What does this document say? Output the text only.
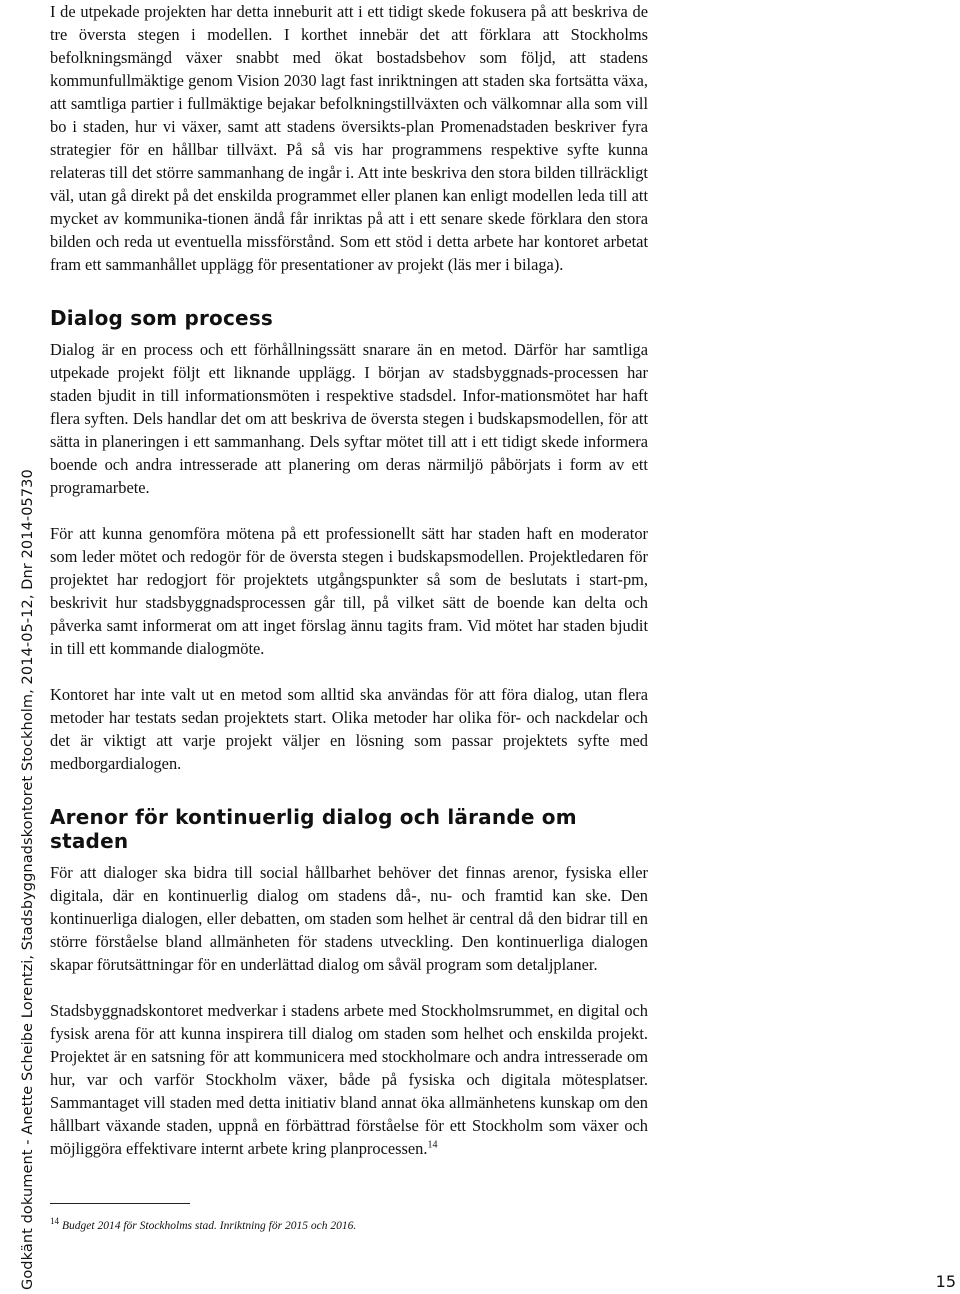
Godkänt dokument - Anette Scheibe Lorentzi, Stadsbyggnadskontoret Stockholm, 2014-05-12, Dnr 2014-05730

I de utpekade projekten har detta inneburit att i ett tidigt skede fokusera på att beskriva de tre översta stegen i modellen. I korthet innebär det att förklara att Stockholms befolkningsmängd växer snabbt med ökat bostadsbehov som följd, att stadens kommunfullmäktige genom Vision 2030 lagt fast inriktningen att staden ska fortsätta växa, att samtliga partier i fullmäktige bejakar befolkningstillväxten och välkomnar alla som vill bo i staden, hur vi växer, samt att stadens översikts-plan Promenadstaden beskriver fyra strategier för en hållbar tillväxt. På så vis har programmens respektive syfte kunna relateras till det större sammanhang de ingår i. Att inte beskriva den stora bilden tillräckligt väl, utan gå direkt på det enskilda programmet eller planen kan enligt modellen leda till att mycket av kommunika-tionen ändå får inriktas på att i ett senare skede förklara den stora bilden och reda ut eventuella missförstånd. Som ett stöd i detta arbete har kontoret arbetat fram ett sammanhållet upplägg för presentationer av projekt (läs mer i bilaga).

Dialog som process

Dialog är en process och ett förhållningssätt snarare än en metod. Därför har samtliga utpekade projekt följt ett liknande upplägg. I början av stadsbyggnads-processen har staden bjudit in till informationsmöten i respektive stadsdel. Infor-mationsmötet har haft flera syften. Dels handlar det om att beskriva de översta stegen i budskapsmodellen, för att sätta in planeringen i ett sammanhang. Dels syftar mötet till att i ett tidigt skede informera boende och andra intresserade att planering om deras närmiljö påbörjats i form av ett programarbete.

För att kunna genomföra mötena på ett professionellt sätt har staden haft en moderator som leder mötet och redogör för de översta stegen i budskapsmodellen. Projektledaren för projektet har redogjort för projektets utgångspunkter så som de beslutats i start-pm, beskrivit hur stadsbyggnadsprocessen går till, på vilket sätt de boende kan delta och påverka samt informerat om att inget förslag ännu tagits fram. Vid mötet har staden bjudit in till ett kommande dialogmöte.

Kontoret har inte valt ut en metod som alltid ska användas för att föra dialog, utan flera metoder har testats sedan projektets start. Olika metoder har olika för- och nackdelar och det är viktigt att varje projekt väljer en lösning som passar projektets syfte med medborgardialogen.

Arenor för kontinuerlig dialog och lärande om staden

För att dialoger ska bidra till social hållbarhet behöver det finnas arenor, fysiska eller digitala, där en kontinuerlig dialog om stadens då-, nu- och framtid kan ske. Den kontinuerliga dialogen, eller debatten, om staden som helhet är central då den bidrar till en större förståelse bland allmänheten för stadens utveckling. Den kontinuerliga dialogen skapar förutsättningar för en underlättad dialog om såväl program som detaljplaner.

Stadsbyggnadskontoret medverkar i stadens arbete med Stockholmsrummet, en digital och fysisk arena för att kunna inspirera till dialog om staden som helhet och enskilda projekt. Projektet är en satsning för att kommunicera med stockholmare och andra intresserade om hur, var och varför Stockholm växer, både på fysiska och digitala mötesplatser. Sammantaget vill staden med detta initiativ bland annat öka allmänhetens kunskap om den hållbart växande staden, uppnå en förbättrad förståelse för ett Stockholm som växer och möjliggöra effektivare internt arbete kring planprocessen.$^{14}$

$^{14}$ Budget 2014 för Stockholms stad. Inriktning för 2015 och 2016.
15
